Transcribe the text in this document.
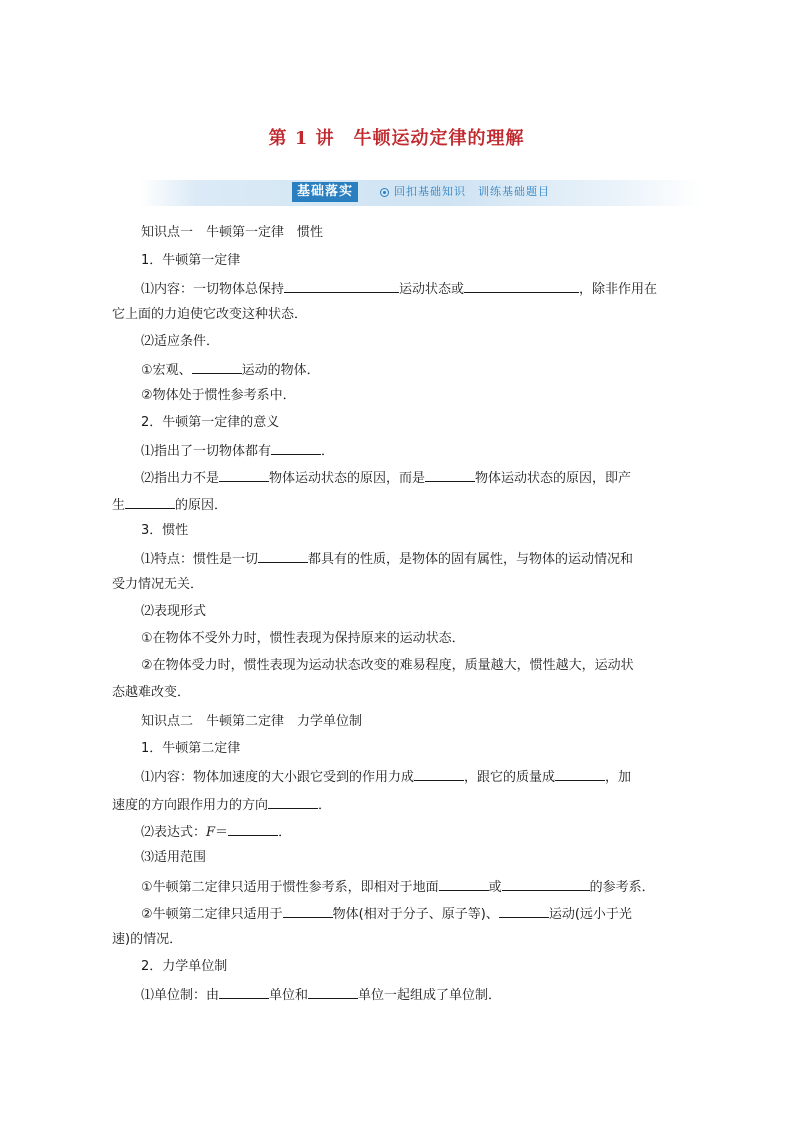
第 1 讲　牛顿运动定律的理解
基础落实	回扣基础知识　训练基础题目
知识点一　牛顿第一定律　惯性
1．牛顿第一定律
⑴内容：一切物体总保持	运动状态或	，除非作用在
它上面的力迫使它改变这种状态．
⑵适应条件．
①宏观、	运动的物体．
②物体处于惯性参考系中．
2．牛顿第一定律的意义
⑴指出了一切物体都有	．
⑵指出力不是	物体运动状态的原因，而是	物体运动状态的原因，即产
生	的原因．
3．惯性
⑴特点：惯性是一切	都具有的性质，是物体的固有属性，与物体的运动情况和
受力情况无关．
⑵表现形式
①在物体不受外力时，惯性表现为保持原来的运动状态．
②在物体受力时，惯性表现为运动状态改变的难易程度，质量越大，惯性越大，运动状
态越难改变．
知识点二　牛顿第二定律　力学单位制
1．牛顿第二定律
⑴内容：物体加速度的大小跟它受到的作用力成	，跟它的质量成	，加
速度的方向跟作用力的方向	．
⑵表达式：F＝	．
⑶适用范围
①牛顿第二定律只适用于惯性参考系，即相对于地面	或	的参考系．
②牛顿第二定律只适用于	物体(相对于分子、原子等)、	运动(远小于光
速)的情况．
2．力学单位制
⑴单位制：由	单位和	单位一起组成了单位制．
